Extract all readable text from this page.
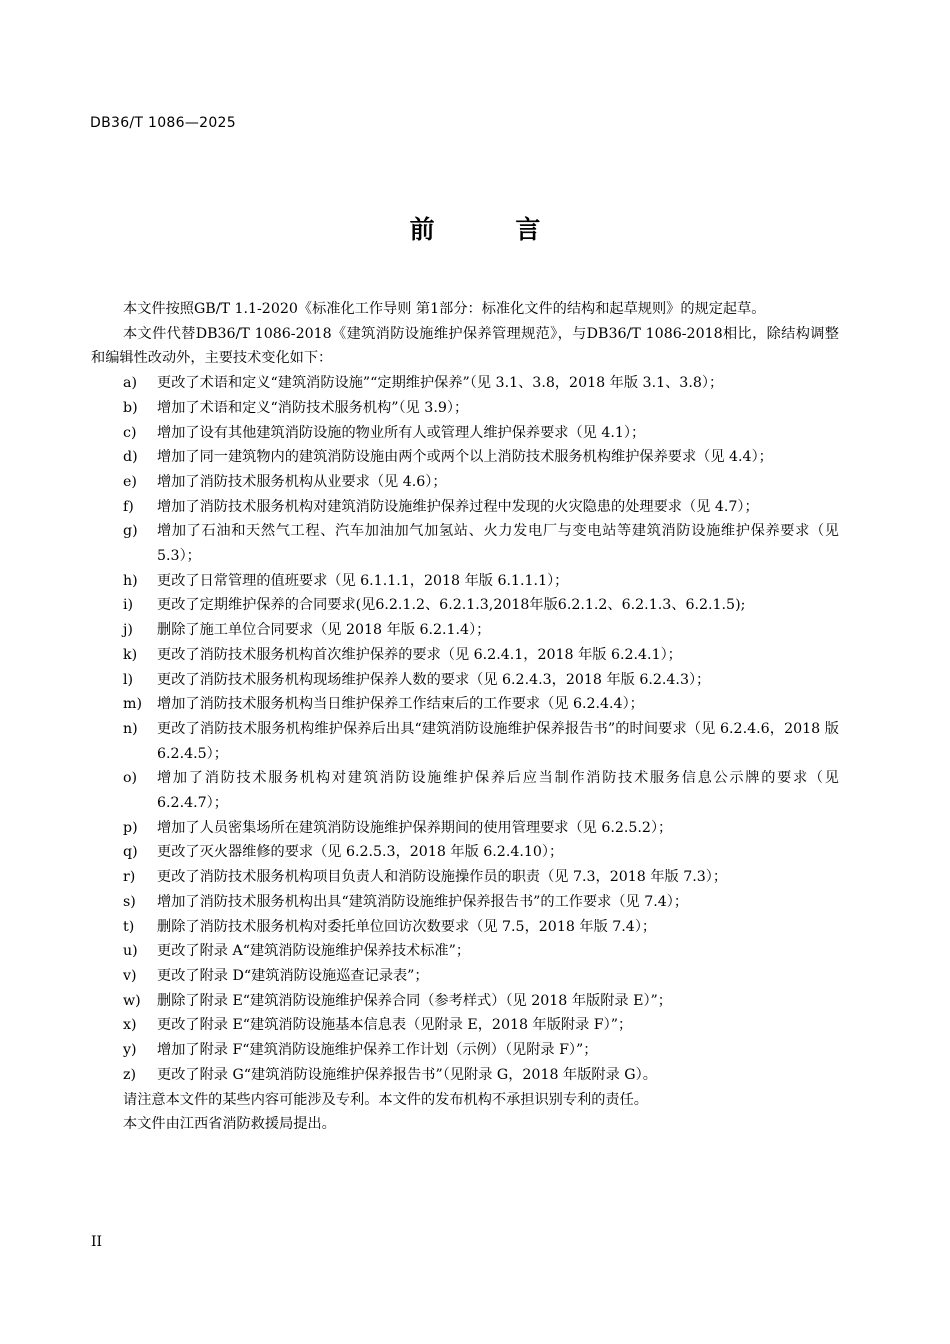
DB36/T 1086—2025
前 言

本文件按照GB/T 1.1-2020《标准化工作导则 第1部分：标准化文件的结构和起草规则》的规定起草。

本文件代替DB36/T 1086-2018《建筑消防设施维护保养管理规范》，与DB36/T 1086-2018相比，除结构调整和编辑性改动外，主要技术变化如下：

a) 更改了术语和定义“建筑消防设施”“定期维护保养”（见 3.1、3.8，2018 年版 3.1、3.8）；
b) 增加了术语和定义“消防技术服务机构”（见 3.9）；
c) 增加了设有其他建筑消防设施的物业所有人或管理人维护保养要求（见 4.1）；
d) 增加了同一建筑物内的建筑消防设施由两个或两个以上消防技术服务机构维护保养要求（见 4.4）；
e) 增加了消防技术服务机构从业要求（见 4.6）；
f) 增加了消防技术服务机构对建筑消防设施维护保养过程中发现的火灾隐患的处理要求（见 4.7）；
g) 增加了石油和天然气工程、汽车加油加气加氢站、火力发电厂与变电站等建筑消防设施维护保养要求（见 5.3）；
h) 更改了日常管理的值班要求（见 6.1.1.1，2018 年版 6.1.1.1）；
i) 更改了定期维护保养的合同要求(见6.2.1.2、6.2.1.3,2018年版6.2.1.2、6.2.1.3、6.2.1.5);
j) 删除了施工单位合同要求（见 2018 年版 6.2.1.4）；
k) 更改了消防技术服务机构首次维护保养的要求（见 6.2.4.1，2018 年版 6.2.4.1）；
l) 更改了消防技术服务机构现场维护保养人数的要求（见 6.2.4.3，2018 年版 6.2.4.3）；
m) 增加了消防技术服务机构当日维护保养工作结束后的工作要求（见 6.2.4.4）；
n) 更改了消防技术服务机构维护保养后出具“建筑消防设施维护保养报告书”的时间要求（见 6.2.4.6，2018 版 6.2.4.5）；
o) 增加了消防技术服务机构对建筑消防设施维护保养后应当制作消防技术服务信息公示牌的要求（见 6.2.4.7）；
p) 增加了人员密集场所在建筑消防设施维护保养期间的使用管理要求（见 6.2.5.2）；
q) 更改了灭火器维修的要求（见 6.2.5.3，2018 年版 6.2.4.10）；
r) 更改了消防技术服务机构项目负责人和消防设施操作员的职责（见 7.3，2018 年版 7.3）；
s) 增加了消防技术服务机构出具“建筑消防设施维护保养报告书”的工作要求（见 7.4）；
t) 删除了消防技术服务机构对委托单位回访次数要求（见 7.5，2018 年版 7.4）；
u) 更改了附录 A“建筑消防设施维护保养技术标准”；
v) 更改了附录 D“建筑消防设施巡查记录表”；
w) 删除了附录 E“建筑消防设施维护保养合同（参考样式）（见 2018 年版附录 E）”；
x) 更改了附录 E“建筑消防设施基本信息表（见附录 E，2018 年版附录 F）”；
y) 增加了附录 F“建筑消防设施维护保养工作计划（示例）（见附录 F）”；
z) 更改了附录 G“建筑消防设施维护保养报告书”（见附录 G，2018 年版附录 G）。

请注意本文件的某些内容可能涉及专利。本文件的发布机构不承担识别专利的责任。

本文件由江西省消防救援局提出。

II
